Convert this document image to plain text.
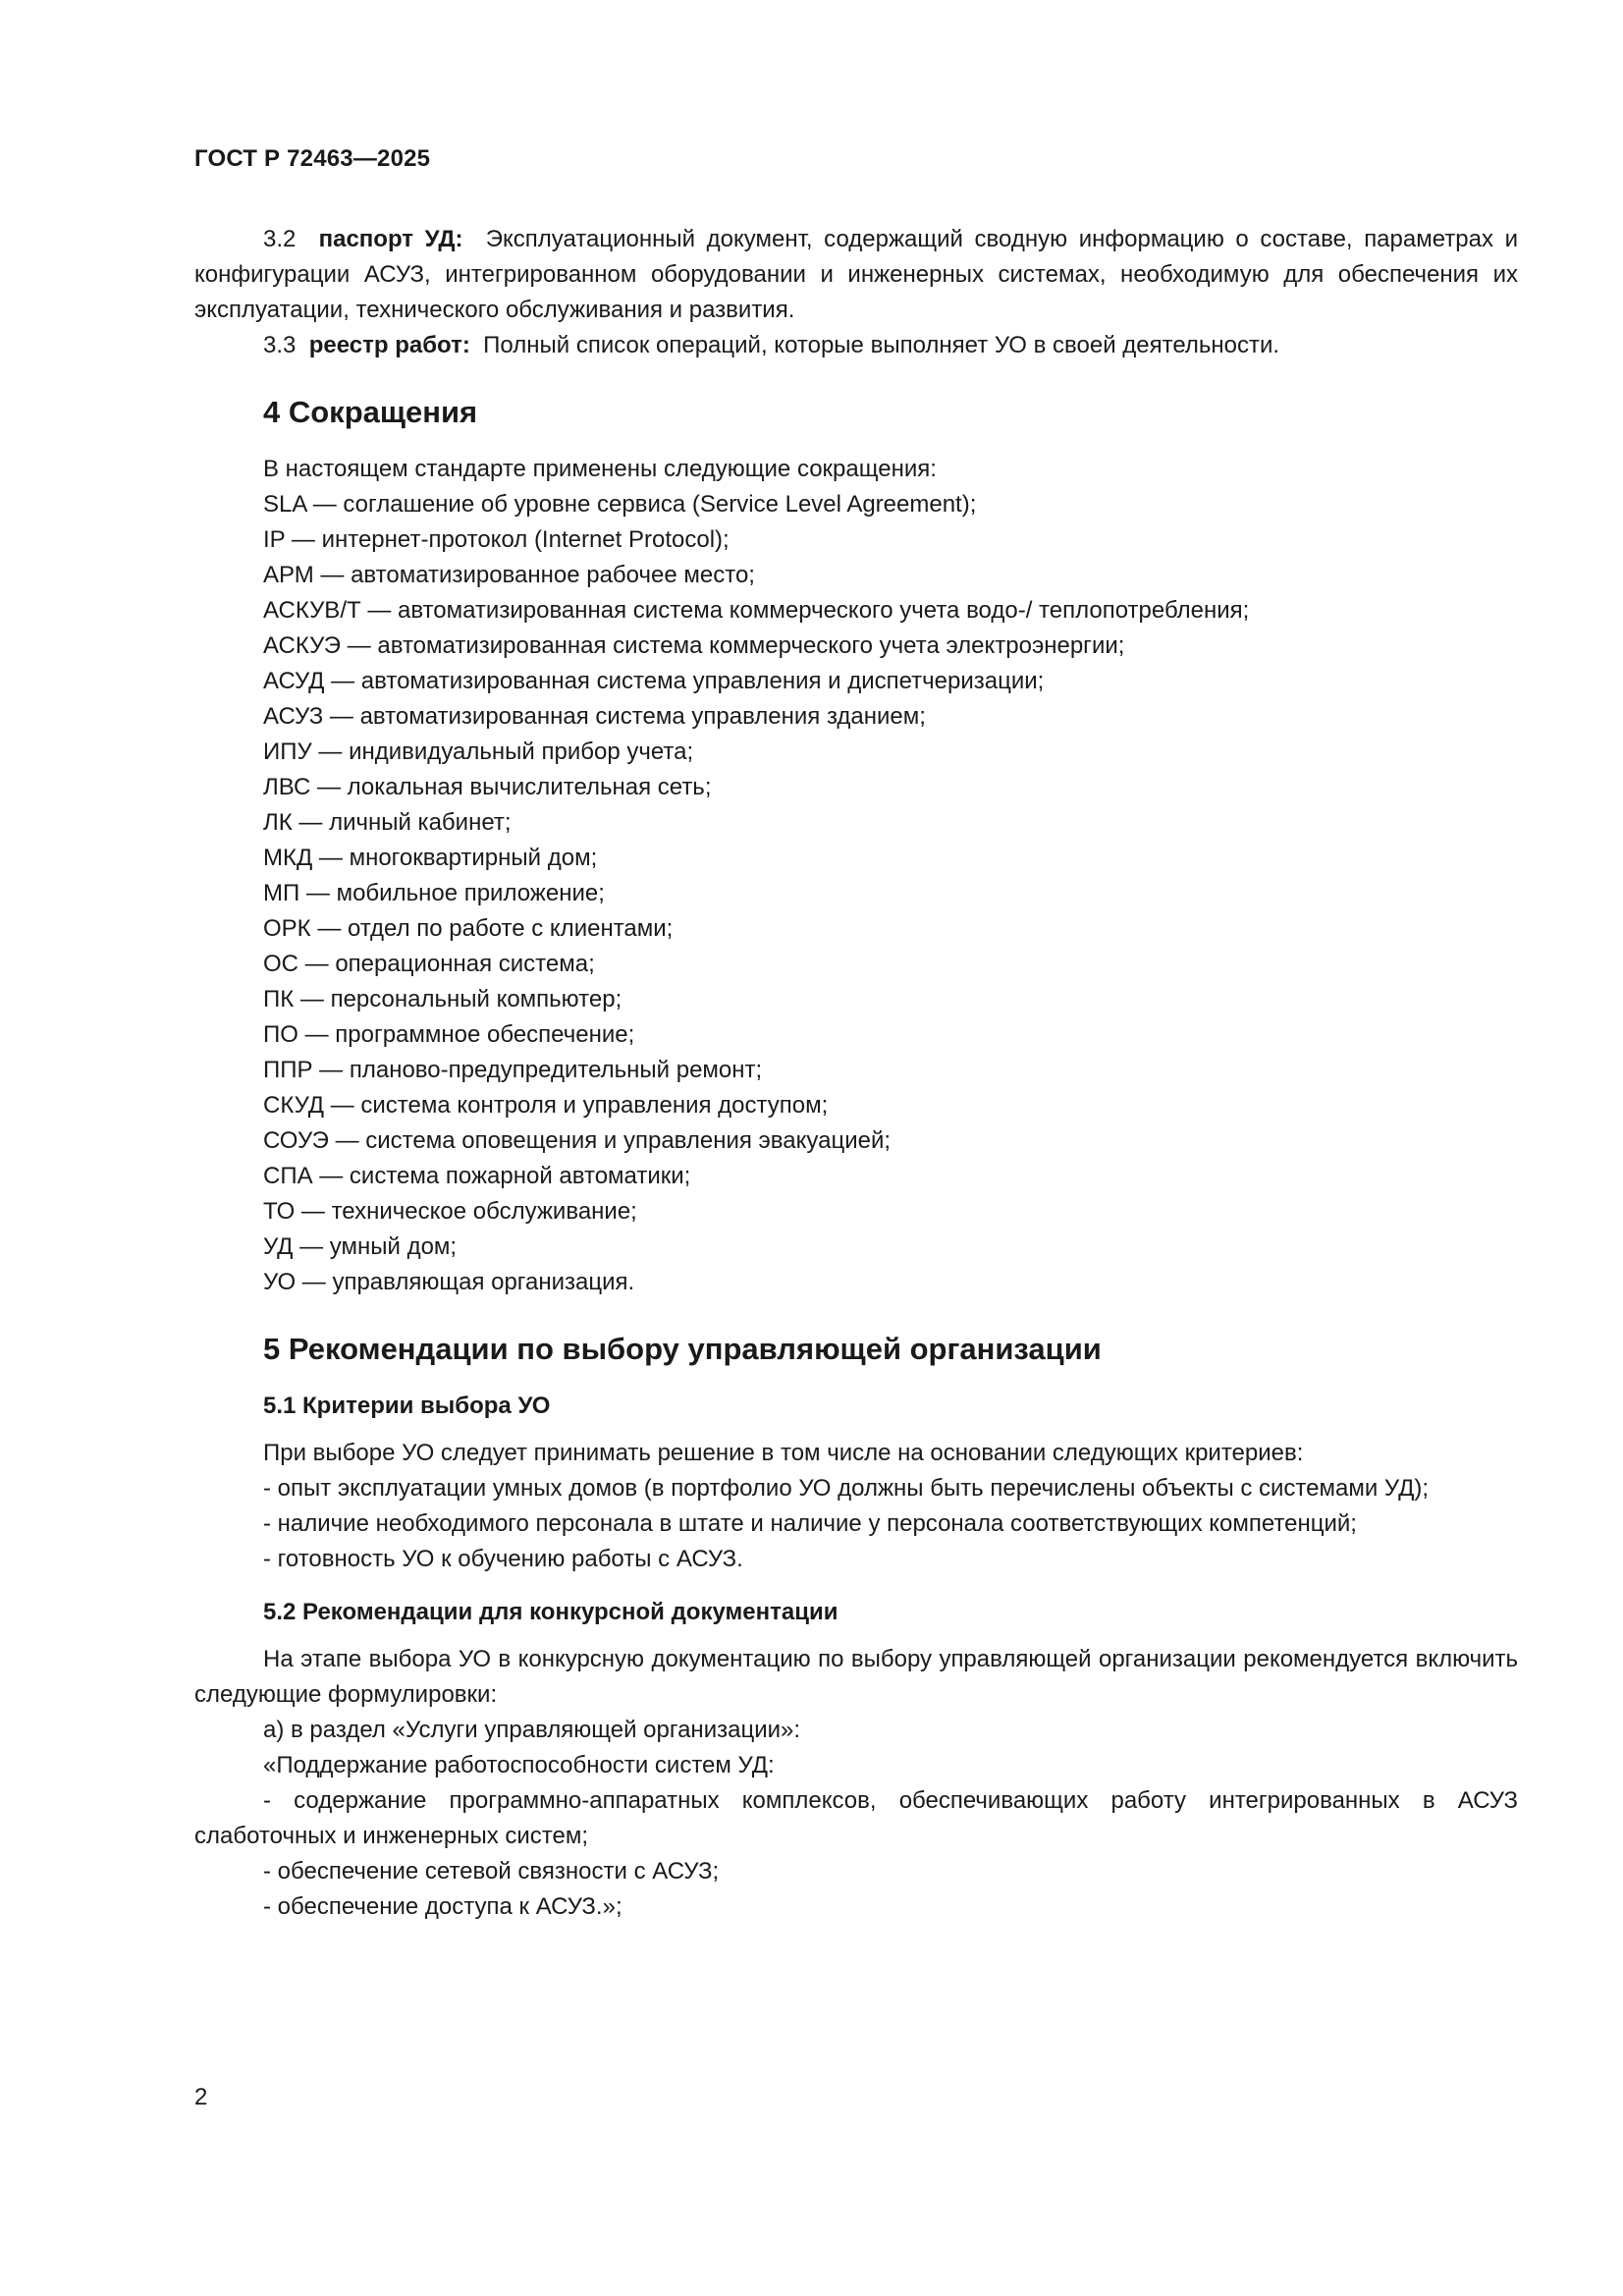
ГОСТ Р 72463—2025

3.2 паспорт УД: Эксплуатационный документ, содержащий сводную информацию о составе, параметрах и конфигурации АСУЗ, интегрированном оборудовании и инженерных системах, необходимую для обеспечения их эксплуатации, технического обслуживания и развития.

3.3 реестр работ: Полный список операций, которые выполняет УО в своей деятельности.

4 Сокращения

В настоящем стандарте применены следующие сокращения:

SLA — соглашение об уровне сервиса (Service Level Agreement);

IP — интернет-протокол (Internet Protocol);

АРМ — автоматизированное рабочее место;

АСКУВ/Т — автоматизированная система коммерческого учета водо-/ теплопотребления;

АСКУЭ — автоматизированная система коммерческого учета электроэнергии;

АСУД — автоматизированная система управления и диспетчеризации;

АСУЗ — автоматизированная система управления зданием;

ИПУ — индивидуальный прибор учета;

ЛВС — локальная вычислительная сеть;

ЛК — личный кабинет;

МКД — многоквартирный дом;

МП — мобильное приложение;

ОРК — отдел по работе с клиентами;

ОС — операционная система;

ПК — персональный компьютер;

ПО — программное обеспечение;

ППР — планово-предупредительный ремонт;

СКУД — система контроля и управления доступом;

СОУЭ — система оповещения и управления эвакуацией;

СПА — система пожарной автоматики;

ТО — техническое обслуживание;

УД — умный дом;

УО — управляющая организация.

5 Рекомендации по выбору управляющей организации
5.1 Критерии выбора УО

При выборе УО следует принимать решение в том числе на основании следующих критериев:

- опыт эксплуатации умных домов (в портфолио УО должны быть перечислены объекты с системами УД);

- наличие необходимого персонала в штате и наличие у персонала соответствующих компетенций;

- готовность УО к обучению работы с АСУЗ.

5.2 Рекомендации для конкурсной документации

На этапе выбора УО в конкурсную документацию по выбору управляющей организации рекомендуется включить следующие формулировки:

а) в раздел «Услуги управляющей организации»:

«Поддержание работоспособности систем УД:

- содержание программно-аппаратных комплексов, обеспечивающих работу интегрированных в АСУЗ слаботочных и инженерных систем;

- обеспечение сетевой связности с АСУЗ;

- обеспечение доступа к АСУЗ.»;

2
